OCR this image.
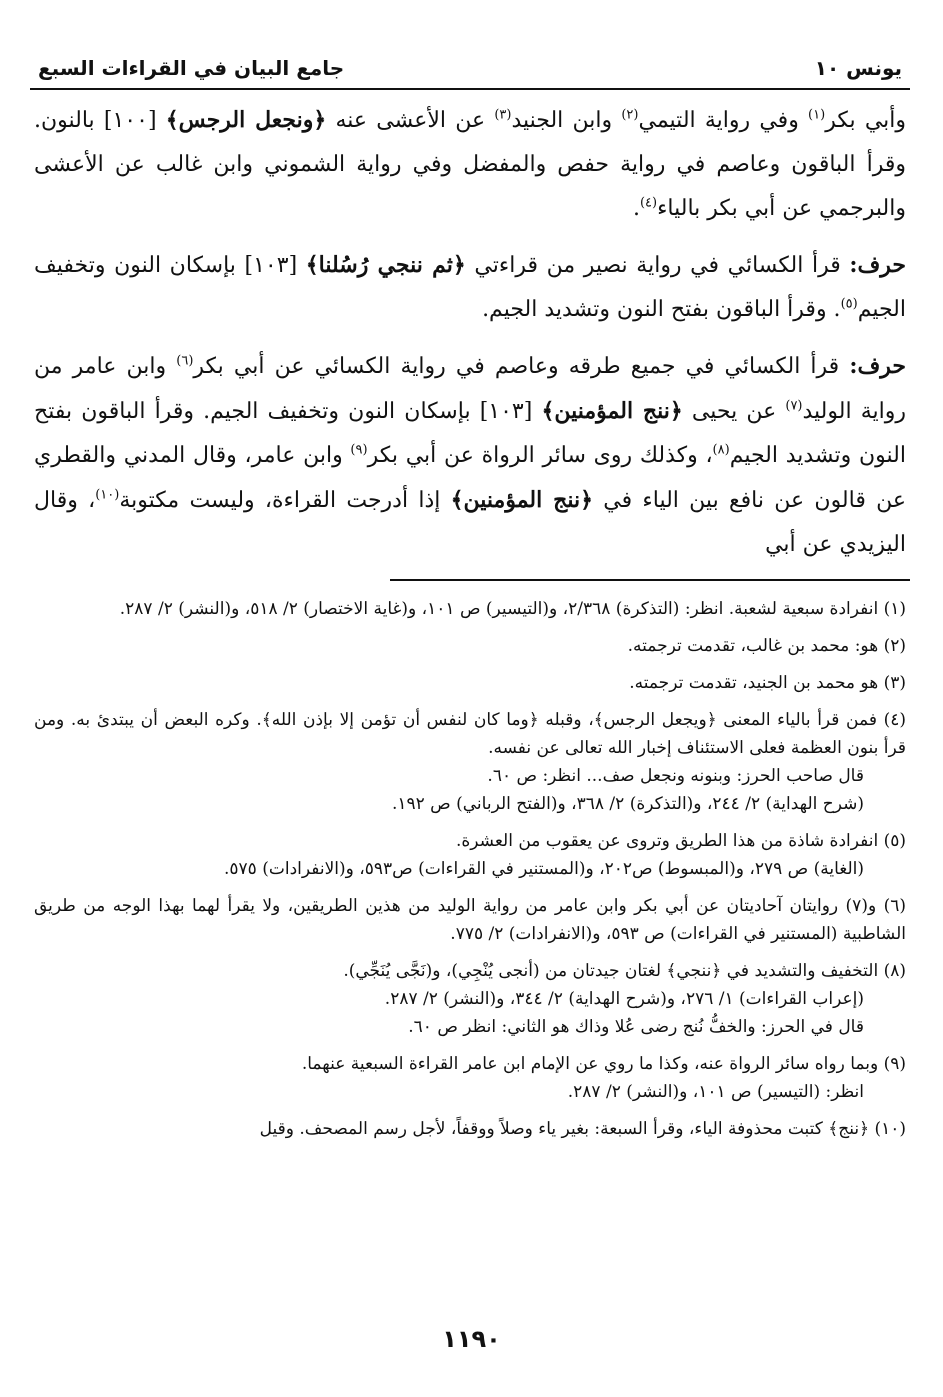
يونس ١٠
جامع البيان في القراءات السبع

وأبي بكر$^{(١)}$ وفي رواية التيمي$^{(٢)}$ وابن الجنيد$^{(٣)}$ عن الأعشى عنه ﴿ونجعل الرجس﴾ [١٠٠] بالنون. وقرأ الباقون وعاصم في رواية حفص والمفضل وفي رواية الشموني وابن غالب عن الأعشى والبرجمي عن أبي بكر بالياء$^{(٤)}$.

حرف: قرأ الكسائي في رواية نصير من قراءتي ﴿ثم ننجي رُسُلنا﴾ [١٠٣] بإسكان النون وتخفيف الجيم$^{(٥)}$. وقرأ الباقون بفتح النون وتشديد الجيم.

حرف: قرأ الكسائي في جميع طرقه وعاصم في رواية الكسائي عن أبي بكر$^{(٦)}$ وابن عامر من رواية الوليد$^{(٧)}$ عن يحيى ﴿ننج المؤمنين﴾ [١٠٣] بإسكان النون وتخفيف الجيم. وقرأ الباقون بفتح النون وتشديد الجيم$^{(٨)}$، وكذلك روى سائر الرواة عن أبي بكر$^{(٩)}$ وابن عامر، وقال المدني والقطري عن قالون عن نافع بين الياء في ﴿ننج المؤمنين﴾ إذا أدرجت القراءة، وليست مكتوبة$^{(١٠)}$، وقال اليزيدي عن أبي

(١) انفرادة سبعية لشعبة. انظر: (التذكرة) ٢/٣٦٨، و(التيسير) ص ١٠١، و(غاية الاختصار) ٢/ ٥١٨، و(النشر) ٢/ ٢٨٧.
(٢) هو: محمد بن غالب، تقدمت ترجمته.
(٣) هو محمد بن الجنيد، تقدمت ترجمته.
(٤) فمن قرأ بالياء المعنى ﴿ويجعل الرجس﴾، وقبله ﴿وما كان لنفس أن تؤمن إلا بإذن الله﴾. وكره البعض أن يبتدئ به. ومن قرأ بنون العظمة فعلى الاستئناف إخبار الله تعالى عن نفسه.
قال صاحب الحرز: وبنونه ونجعل صف... انظر: ص ٦٠.
(شرح الهداية) ٢/ ٢٤٤، و(التذكرة) ٢/ ٣٦٨، و(الفتح الرباني) ص ١٩٢.
(٥) انفرادة شاذة من هذا الطريق وتروى عن يعقوب من العشرة.
(الغاية) ص ٢٧٩، و(المبسوط) ص٢٠٢، و(المستنير في القراءات) ص٥٩٣، و(الانفرادات) ٥٧٥.
(٦) و(٧) روايتان آحاديتان عن أبي بكر وابن عامر من رواية الوليد من هذين الطريقين، ولا يقرأ لهما بهذا الوجه من طريق الشاطبية (المستنير في القراءات) ص ٥٩٣، و(الانفرادات) ٢/ ٧٧٥.
(٨) التخفيف والتشديد في ﴿ننجي﴾ لغتان جيدتان من (أنجى يُنْجِي)، و(نَجَّى يُنَجِّي).
(إعراب القراءات) ١/ ٢٧٦، و(شرح الهداية) ٢/ ٣٤٤، و(النشر) ٢/ ٢٨٧.
قال في الحرز: والخفُّ نُنج رضى عُلا وذاك هو الثاني: انظر ص ٦٠.
(٩) وبما رواه سائر الرواة عنه، وكذا ما روي عن الإمام ابن عامر القراءة السبعية عنهما.
انظر: (التيسير) ص ١٠١، و(النشر) ٢/ ٢٨٧.
(١٠) ﴿ننج﴾ كتبت محذوفة الياء، وقرأ السبعة: بغير ياء وصلاً ووقفاً، لأجل رسم المصحف. وقيل
١١٩٠
